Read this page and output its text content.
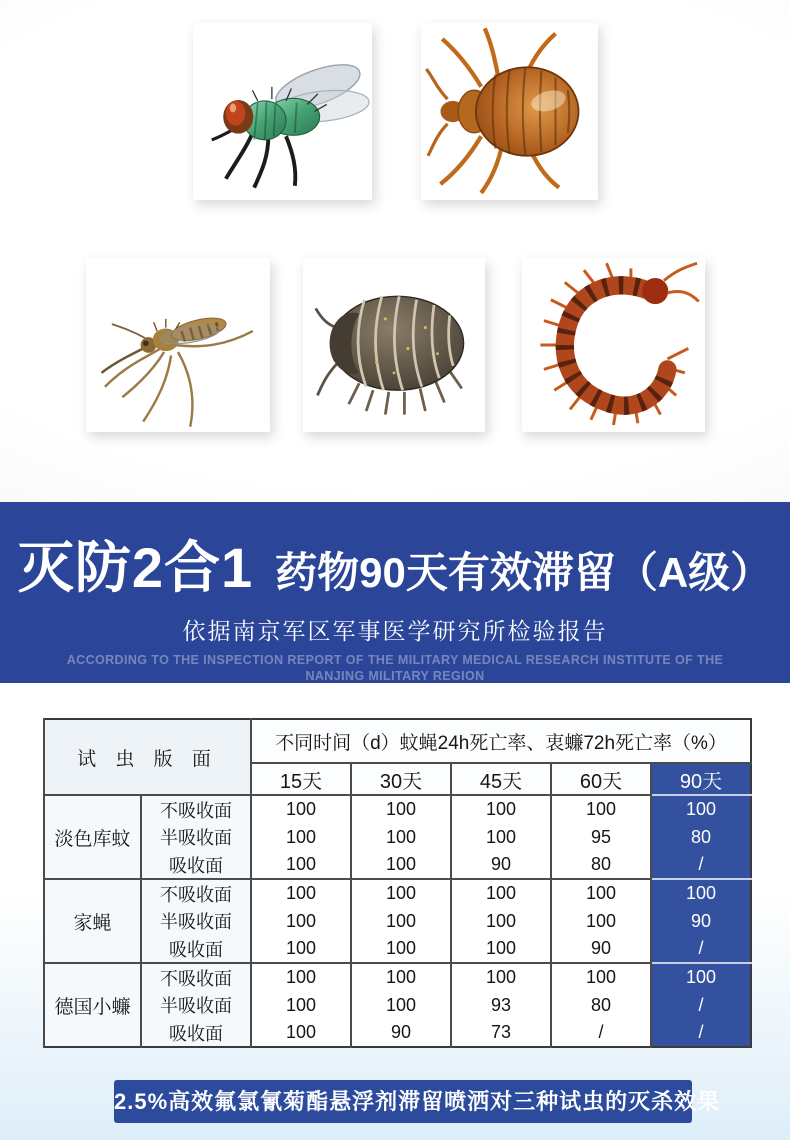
灭防2合1 药物90天有效滞留（A级）
依据南京军区军事医学研究所检验报告
ACCORDING TO THE INSPECTION REPORT OF THE MILITARY MEDICAL RESEARCH INSTITUTE OF THE
NANJING MILITARY REGION
试 虫 版 面		不同时间（d）蚊蝇24h死亡率、衷蠊72h死亡率（%）				
		15天	30天	45天	60天	90天
淡色库蚊	不吸收面	100	100	100	100	100
	半吸收面	100	100	100	95	80
	吸收面	100	100	90	80	/
家蝇	不吸收面	100	100	100	100	100
	半吸收面	100	100	100	100	90
	吸收面	100	100	100	90	/
德国小蠊	不吸收面	100	100	100	100	100
	半吸收面	100	100	93	80	/
	吸收面	100	90	73	/	/
2.5%高效氟氯氰菊酯悬浮剂滞留喷洒对三种试虫的灭杀效果
